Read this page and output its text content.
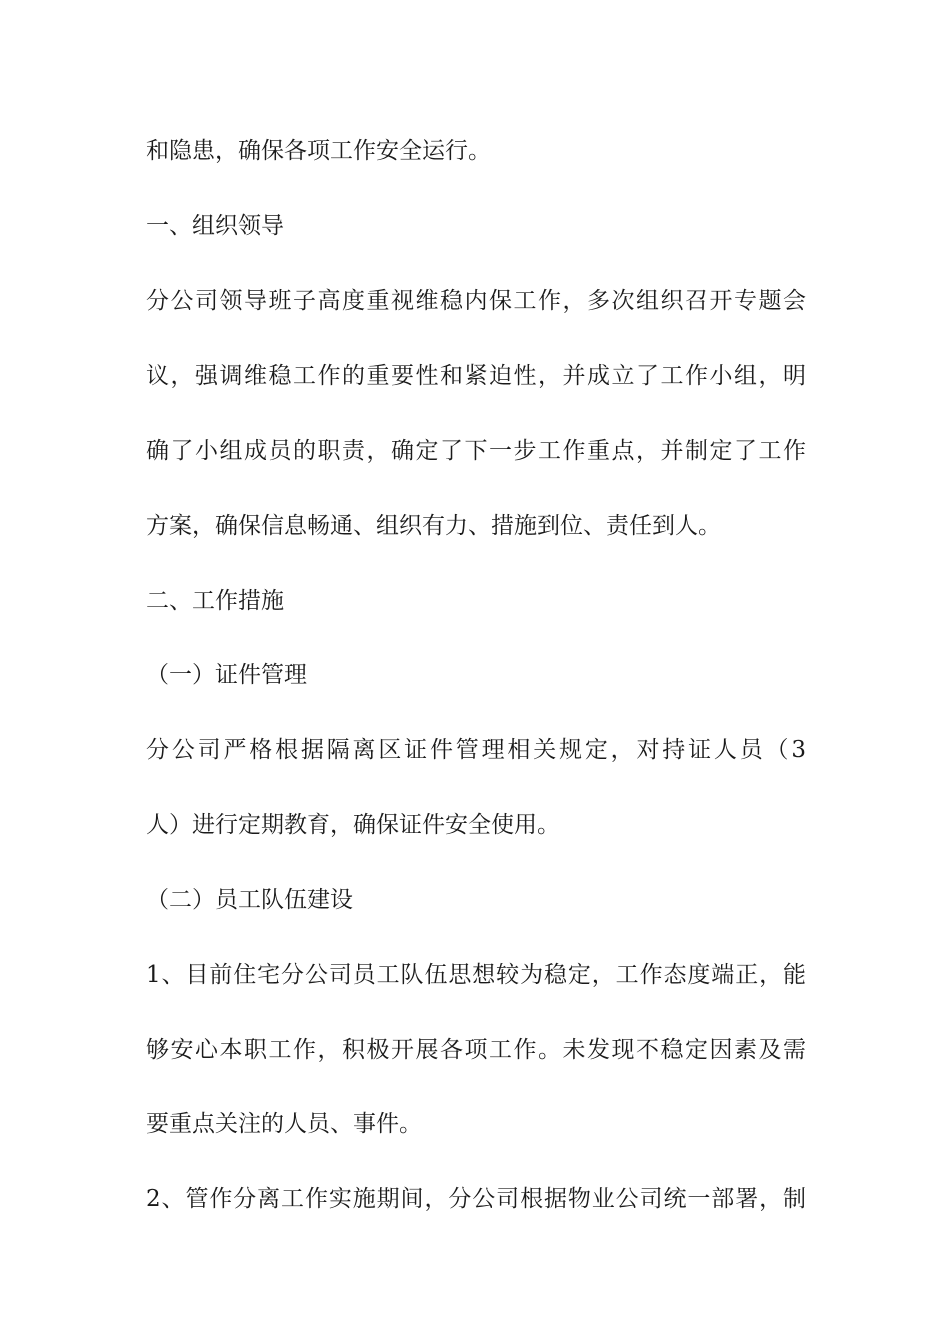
和隐患，确保各项工作安全运行。
一、组织领导
分公司领导班子高度重视维稳内保工作，多次组织召开专题会
议，强调维稳工作的重要性和紧迫性，并成立了工作小组，明
确了小组成员的职责，确定了下一步工作重点，并制定了工作
方案，确保信息畅通、组织有力、措施到位、责任到人。
二、工作措施
（一）证件管理
分公司严格根据隔离区证件管理相关规定，对持证人员（3
人）进行定期教育，确保证件安全使用。
（二）员工队伍建设
1、目前住宅分公司员工队伍思想较为稳定，工作态度端正，能
够安心本职工作，积极开展各项工作。未发现不稳定因素及需
要重点关注的人员、事件。
2、管作分离工作实施期间，分公司根据物业公司统一部署，制
